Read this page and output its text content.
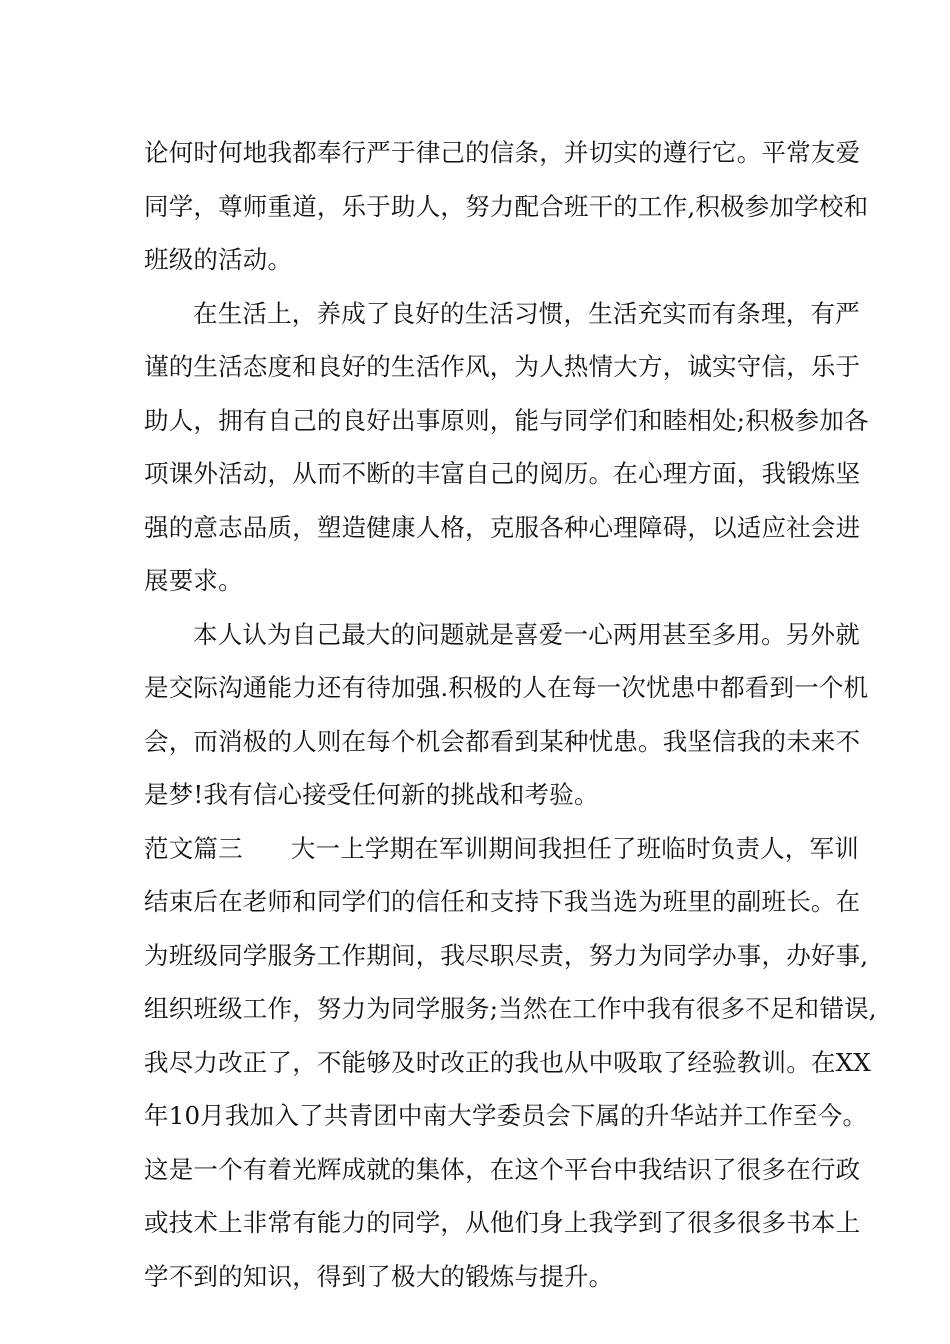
论何时何地我都奉行严于律己的信条，并切实的遵行它。平常友爱
同学，尊师重道，乐于助人，努力配合班干的工作,积极参加学校和
班级的活动。
在生活上，养成了良好的生活习惯，生活充实而有条理，有严
谨的生活态度和良好的生活作风，为人热情大方，诚实守信，乐于
助人，拥有自己的良好出事原则，能与同学们和睦相处;积极参加各
项课外活动，从而不断的丰富自己的阅历。在心理方面，我锻炼坚
强的意志品质，塑造健康人格，克服各种心理障碍，以适应社会进
展要求。
本人认为自己最大的问题就是喜爱一心两用甚至多用。另外就
是交际沟通能力还有待加强.积极的人在每一次忧患中都看到一个机
会，而消极的人则在每个机会都看到某种忧患。我坚信我的未来不
是梦!我有信心接受任何新的挑战和考验。
范文篇三 大一上学期在军训期间我担任了班临时负责人，军训
结束后在老师和同学们的信任和支持下我当选为班里的副班长。在
为班级同学服务工作期间，我尽职尽责，努力为同学办事，办好事,
组织班级工作，努力为同学服务;当然在工作中我有很多不足和错误,
我尽力改正了，不能够及时改正的我也从中吸取了经验教训。在XX
年10月我加入了共青团中南大学委员会下属的升华站并工作至今。
这是一个有着光辉成就的集体，在这个平台中我结识了很多在行政
或技术上非常有能力的同学，从他们身上我学到了很多很多书本上
学不到的知识，得到了极大的锻炼与提升。
